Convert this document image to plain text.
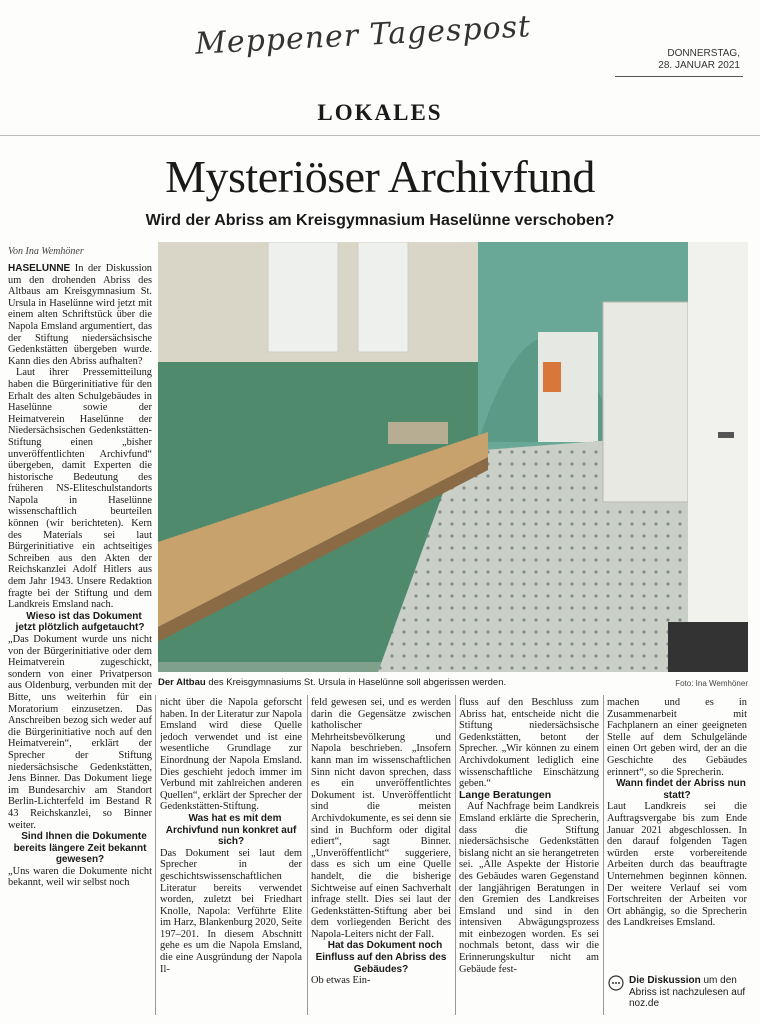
Meppener Tagespost	DONNERSTAG,
28. JANUAR 2021
LOKALES
Mysteriöser Archivfund
Wird der Abriss am Kreisgymnasium Haselünne verschoben?
Von Ina Wemhöner

HASELÜNNE In der Diskussion um den drohenden Abriss des Altbaus am Kreisgymnasium St. Ursula in Haselünne wird jetzt mit einem alten Schriftstück über die Napola Emsland argumentiert, das der Stiftung niedersächsische Gedenkstätten übergeben wurde. Kann dies den Abriss aufhalten?

Laut ihrer Pressemitteilung haben die Bürgerinitiative für den Erhalt des alten Schulgebäudes in Haselünne sowie der Heimatverein Haselünne der Niedersächsischen Gedenkstätten-Stiftung einen „bisher unveröffentlichten Archivfund“ übergeben, damit Experten die historische Bedeutung des früheren NS-Eliteschulstandorts Napola in Haselünne wissenschaftlich beurteilen können (wir berichteten). Kern des Materials sei laut Bürgerinitiative ein achtseitiges Schreiben aus den Akten der Reichskanzlei Adolf Hitlers aus dem Jahr 1943. Unsere Redaktion fragte bei der Stiftung und dem Landkreis Emsland nach.

Wieso ist das Dokument jetzt plötzlich aufgetaucht?
„Das Dokument wurde uns nicht von der Bürgerinitiative oder dem Heimatverein zugeschickt, sondern von einer Privatperson aus Oldenburg, verbunden mit der Bitte, uns weiterhin für ein Moratorium einzusetzen. Das Anschreiben bezog sich weder auf die Bürgerinitiative noch auf den Heimatverein“, erklärt der Sprecher der Stiftung niedersächsische Gedenkstätten, Jens Binner. Das Dokument liege im Bundesarchiv am Standort Berlin-Lichterfeld im Bestand R 43 Reichskanzlei, so Binner weiter.

Sind Ihnen die Dokumente bereits längere Zeit bekannt gewesen?
„Uns waren die Dokumente nicht bekannt, weil wir selbst noch

Der Altbau des Kreisgymnasiums St. Ursula in Haselünne soll abgerissen werden.	Foto: Ina Wemhöner

nicht über die Napola geforscht haben. In der Literatur zur Napola Emsland wird diese Quelle jedoch verwendet und ist eine wesentliche Grundlage zur Einordnung der Napola Emsland. Dies geschieht jedoch immer im Verbund mit zahlreichen anderen Quellen“, erklärt der Sprecher der Gedenkstätten-Stiftung.

Was hat es mit dem Archivfund nun konkret auf sich?
Das Dokument sei laut dem Sprecher in der geschichtswissenschaftlichen Literatur bereits verwendet worden, zuletzt bei Friedhart Knolle, Napola: Verführte Elite im Harz, Blankenburg 2020, Seite 197–201. In diesem Abschnitt gehe es um die Napola Emsland, die eine Ausgründung der Napola Il-

feld gewesen sei, und es werden darin die Gegensätze zwischen katholischer Mehrheitsbevölkerung und Napola beschrieben. „Insofern kann man im wissenschaftlichen Sinn nicht davon sprechen, dass es ein unveröffentlichtes Dokument ist. Unveröffentlicht sind die meisten Archivdokumente, es sei denn sie sind in Buchform oder digital ediert“, sagt Binner. „Unveröffentlicht“ suggeriere, dass es sich um eine Quelle handelt, die die bisherige Sichtweise auf einen Sachverhalt infrage stellt. Dies sei laut der Gedenkstätten-Stiftung aber bei dem vorliegenden Bericht des Napola-Leiters nicht der Fall.

Hat das Dokument noch Einfluss auf den Abriss des Gebäudes?
Ob etwas Ein-

fluss auf den Beschluss zum Abriss hat, entscheide nicht die Stiftung niedersächsische Gedenkstätten, betont der Sprecher. „Wir können zu einem Archivdokument lediglich eine wissenschaftliche Einschätzung geben.“

Lange Beratungen

Auf Nachfrage beim Landkreis Emsland erklärte die Sprecherin, dass die Stiftung niedersächsische Gedenkstätten bislang nicht an sie herangetreten sei. „Alle Aspekte der Historie des Gebäudes waren Gegenstand der langjährigen Beratungen in den Gremien des Landkreises Emsland und sind in den intensiven Abwägungsprozess mit einbezogen worden. Es sei nochmals betont, dass wir die Erinnerungskultur nicht am Gebäude fest-

machen und es in Zusammenarbeit mit Fachplanern an einer geeigneten Stelle auf dem Schulgelände einen Ort geben wird, der an die Geschichte des Gebäudes erinnert“, so die Sprecherin.

Wann findet der Abriss nun statt?
Laut Landkreis sei die Auftragsvergabe bis zum Ende Januar 2021 abgeschlossen. In den darauf folgenden Tagen würden erste vorbereitende Arbeiten durch das beauftragte Unternehmen beginnen können. Der weitere Verlauf sei vom Fortschreiten der Arbeiten vor Ort abhängig, so die Sprecherin des Landkreises Emsland.

Die Diskussion um den Abriss ist nachzulesen auf noz.de
